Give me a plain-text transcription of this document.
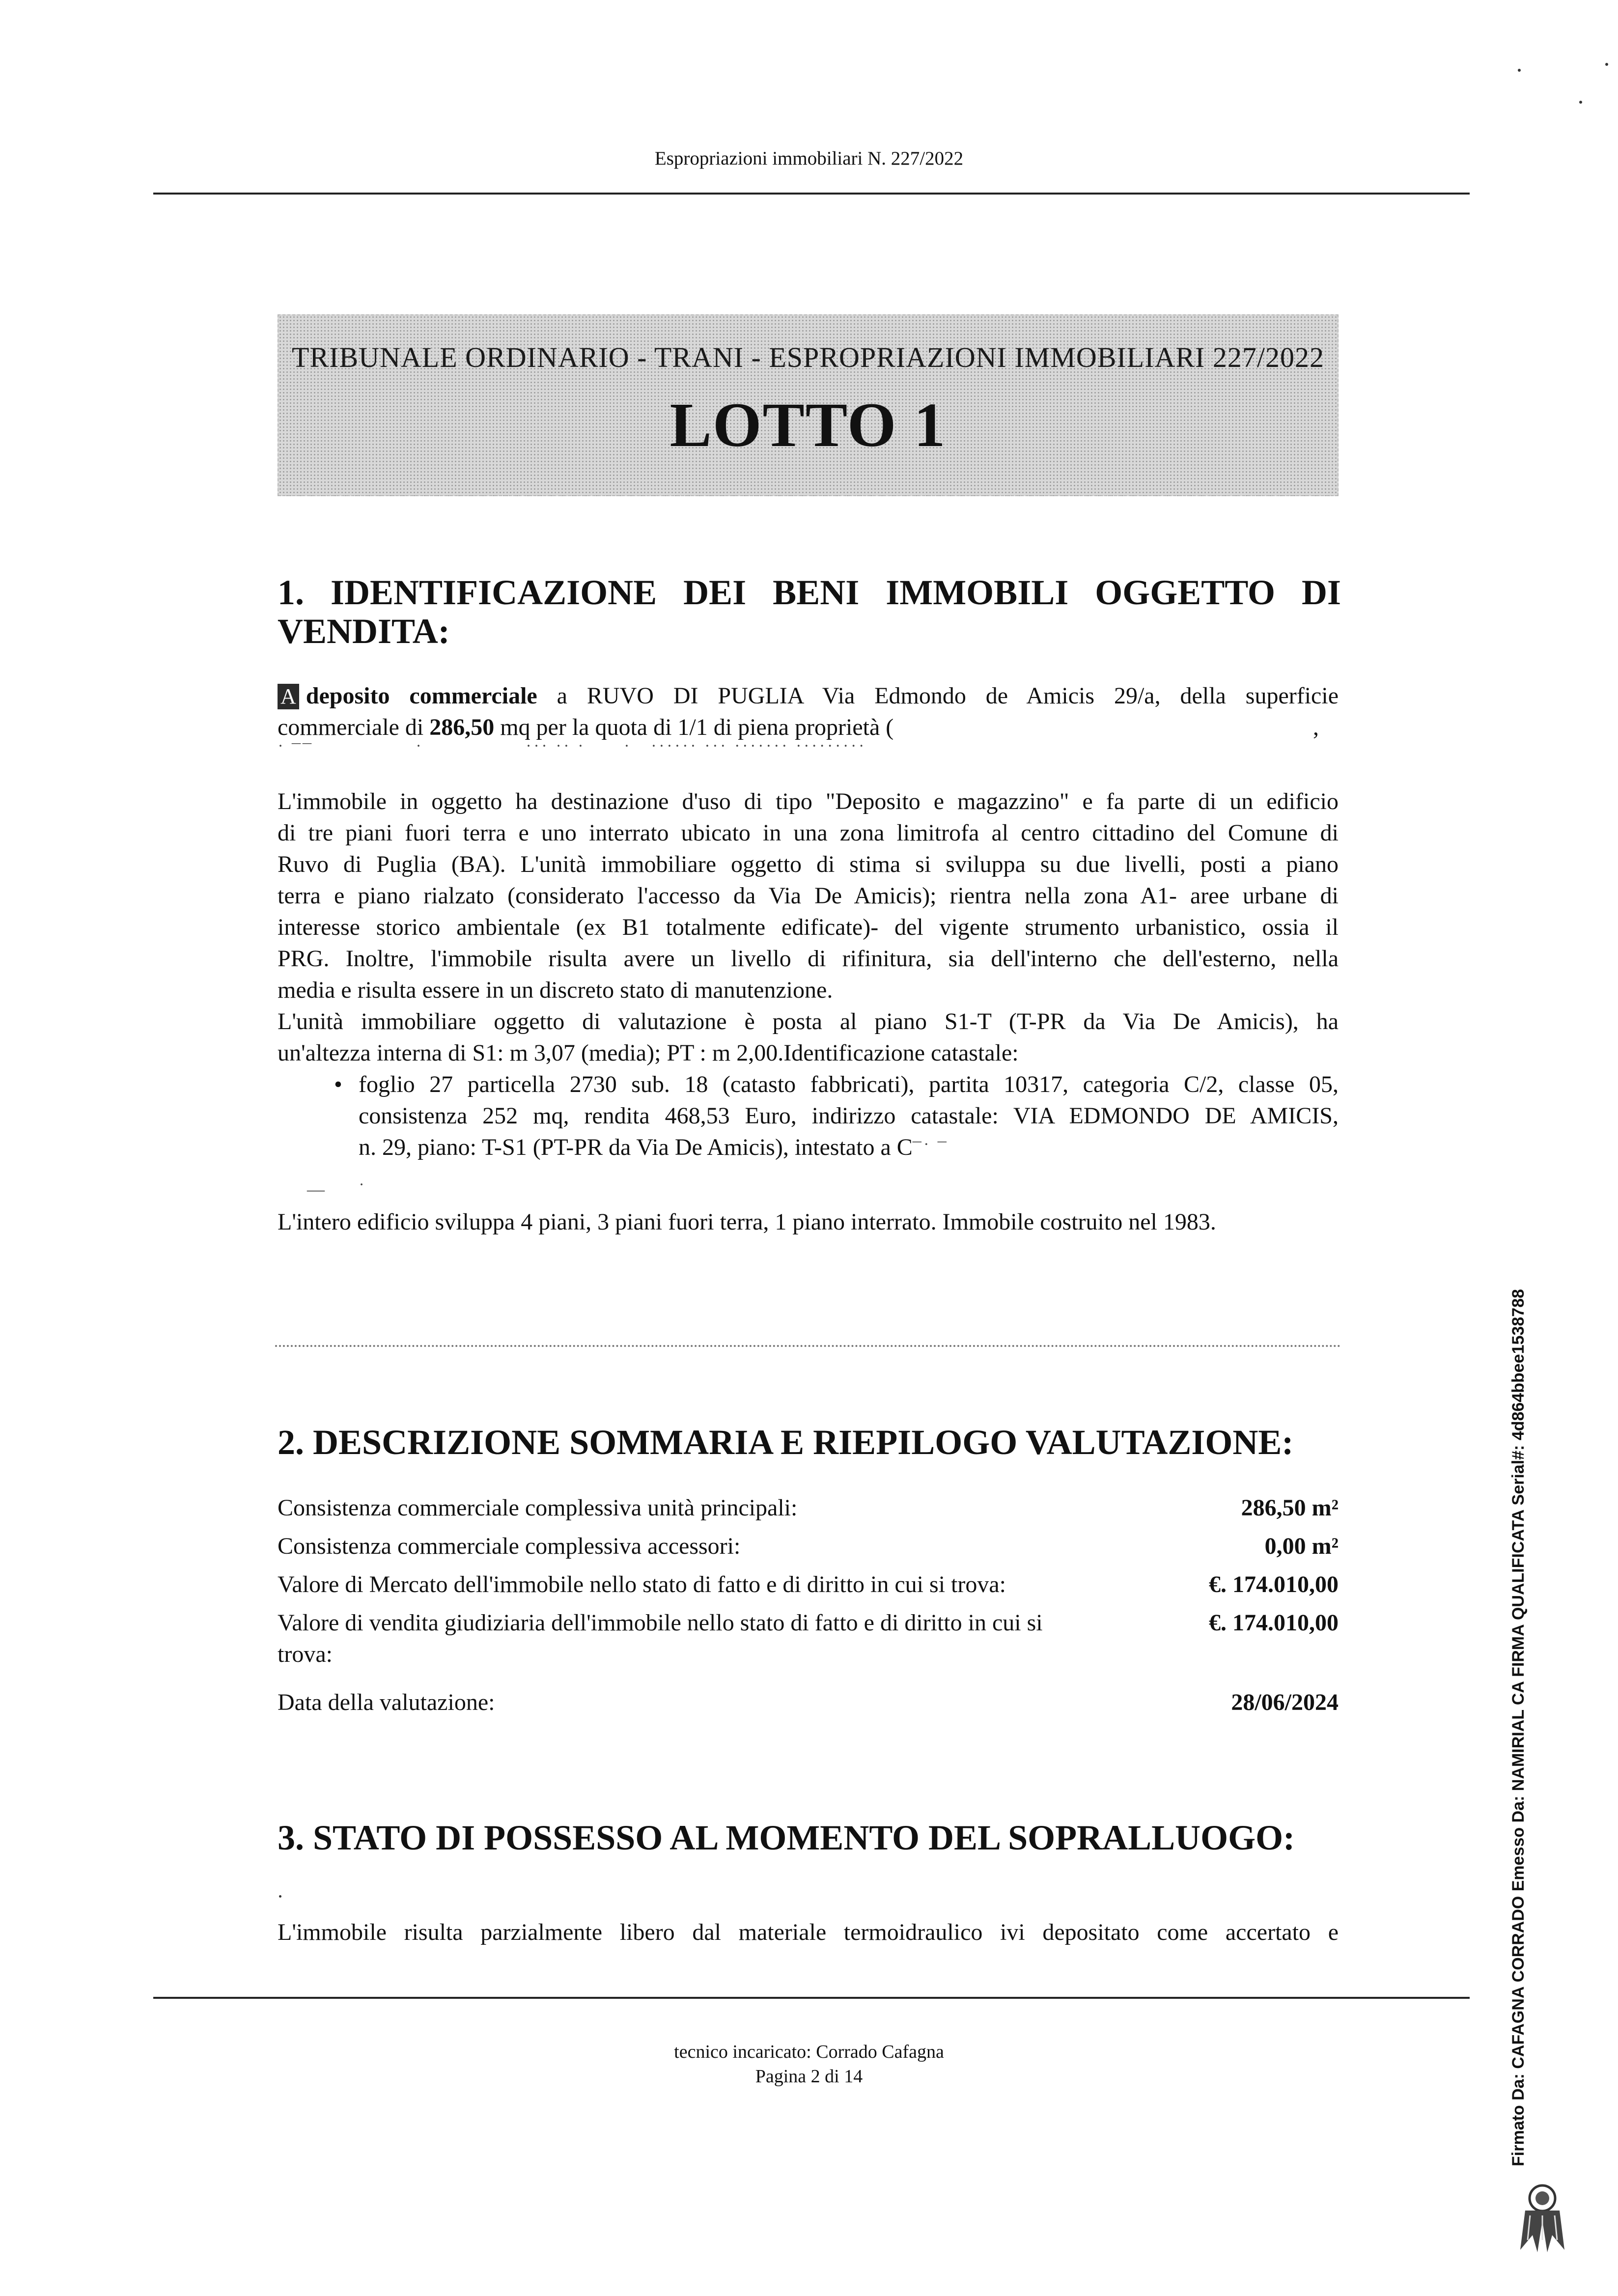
Espropriazioni immobiliari N. 227/2022
TRIBUNALE ORDINARIO - TRANI - ESPROPRIAZIONI IMMOBILIARI 227/2022
LOTTO 1
1.   IDENTIFICAZIONE   DEI   BENI   IMMOBILI   OGGETTO   DI
VENDITA:
A deposito commerciale a RUVO DI PUGLIA Via Edmondo de Amicis 29/a, della superficie
commerciale di 286,50 mq per la quota di 1/1 di piena proprietà (	,
˙ ¯¯                ˙                ˙˙˙ ˙˙ ˙      ˙   ˙˙˙˙˙˙ ˙˙˙ ˙˙˙˙˙˙˙ ˙˙˙˙˙˙˙˙˙
L'immobile in oggetto ha destinazione d'uso di tipo "Deposito e magazzino" e fa parte di un edificio
di tre piani fuori terra e uno interrato ubicato in una zona limitrofa al centro cittadino del Comune di
Ruvo di Puglia (BA). L'unità immobiliare oggetto di stima si sviluppa su due livelli, posti a piano
terra e piano rialzato (considerato l'accesso da Via De Amicis); rientra nella zona A1- aree urbane di
interesse storico ambientale (ex B1 totalmente edificate)- del vigente strumento urbanistico, ossia il
PRG. Inoltre, l'immobile risulta avere un livello di rifinitura, sia dell'interno che dell'esterno, nella
media e risulta essere in un discreto stato di manutenzione.
L'unità immobiliare oggetto di valutazione è posta al piano S1-T (T-PR da Via De Amicis), ha
un'altezza interna di S1: m 3,07 (media); PT : m 2,00.Identificazione catastale:
• foglio 27 particella 2730 sub. 18 (catasto fabbricati), partita 10317, categoria C/2, classe 05,
consistenza 252 mq, rendita 468,53 Euro, indirizzo catastale: VIA EDMONDO DE AMICIS,
n. 29, piano: T-S1 (PT-PR da Via De Amicis), intestato a C¯˙ ¯
—     ˙
L'intero edificio sviluppa 4 piani, 3 piani fuori terra, 1 piano interrato. Immobile costruito nel 1983.
2. DESCRIZIONE SOMMARIA E RIEPILOGO VALUTAZIONE:
Consistenza commerciale complessiva unità principali:	286,50 m²
Consistenza commerciale complessiva accessori:	0,00 m²
Valore di Mercato dell'immobile nello stato di fatto e di diritto in cui si trova:	€. 174.010,00
Valore di vendita giudiziaria dell'immobile nello stato di fatto e di diritto in cui si
trova:
€. 174.010,00
Data della valutazione:	28/06/2024
3. STATO DI POSSESSO AL MOMENTO DEL SOPRALLUOGO:
L'immobile risulta parzialmente libero dal materiale termoidraulico ivi depositato come accertato e
tecnico incaricato: Corrado Cafagna
Pagina 2 di 14	Firmato Da: CAFAGNA CORRADO Emesso Da: NAMIRIAL CA FIRMA QUALIFICATA Serial#: 4d864bbee1538788
